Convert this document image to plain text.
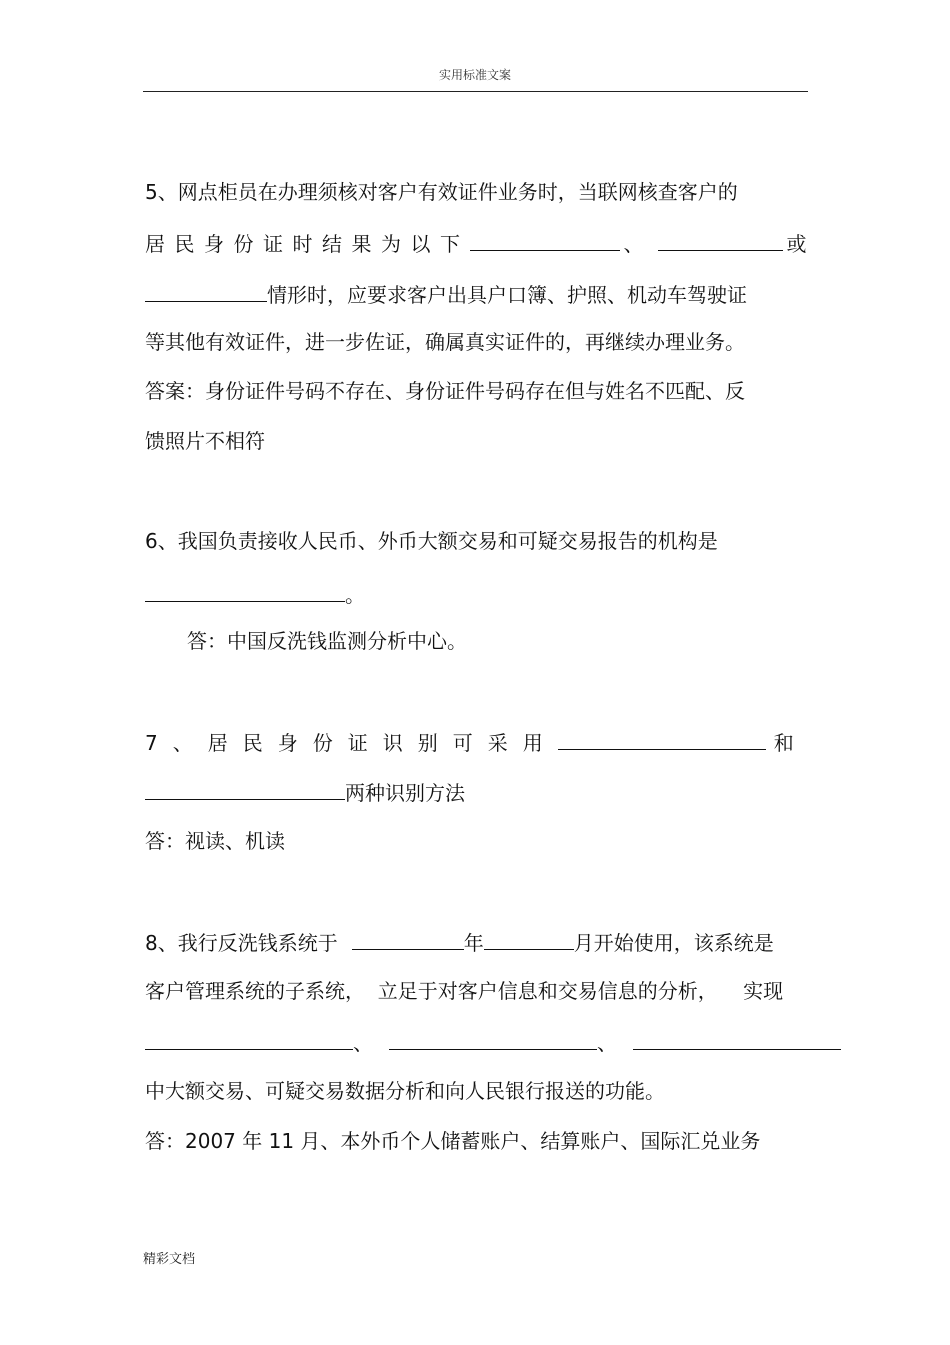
实用标准文案
5、网点柜员在办理须核对客户有效证件业务时，当联网核查客户的
居民身份证时结果为以下	、	或
情形时，应要求客户出具户口簿、护照、机动车驾驶证
等其他有效证件，进一步佐证，确属真实证件的，再继续办理业务。
答案：身份证件号码不存在、身份证件号码存在但与姓名不匹配、反
馈照片不相符
6、我国负责接收人民币、外币大额交易和可疑交易报告的机构是
。
答：中国反洗钱监测分析中心。
7、居民身份证识别可采用	和
两种识别方法
答：视读、机读
8、我行反洗钱系统于	年	月开始使用，该系统是
客户管理系统的子系统，  立足于对客户信息和交易信息的分析，    实现
、	、
中大额交易、可疑交易数据分析和向人民银行报送的功能。
答：2007 年 11 月、本外币个人储蓄账户、结算账户、国际汇兑业务
精彩文档
